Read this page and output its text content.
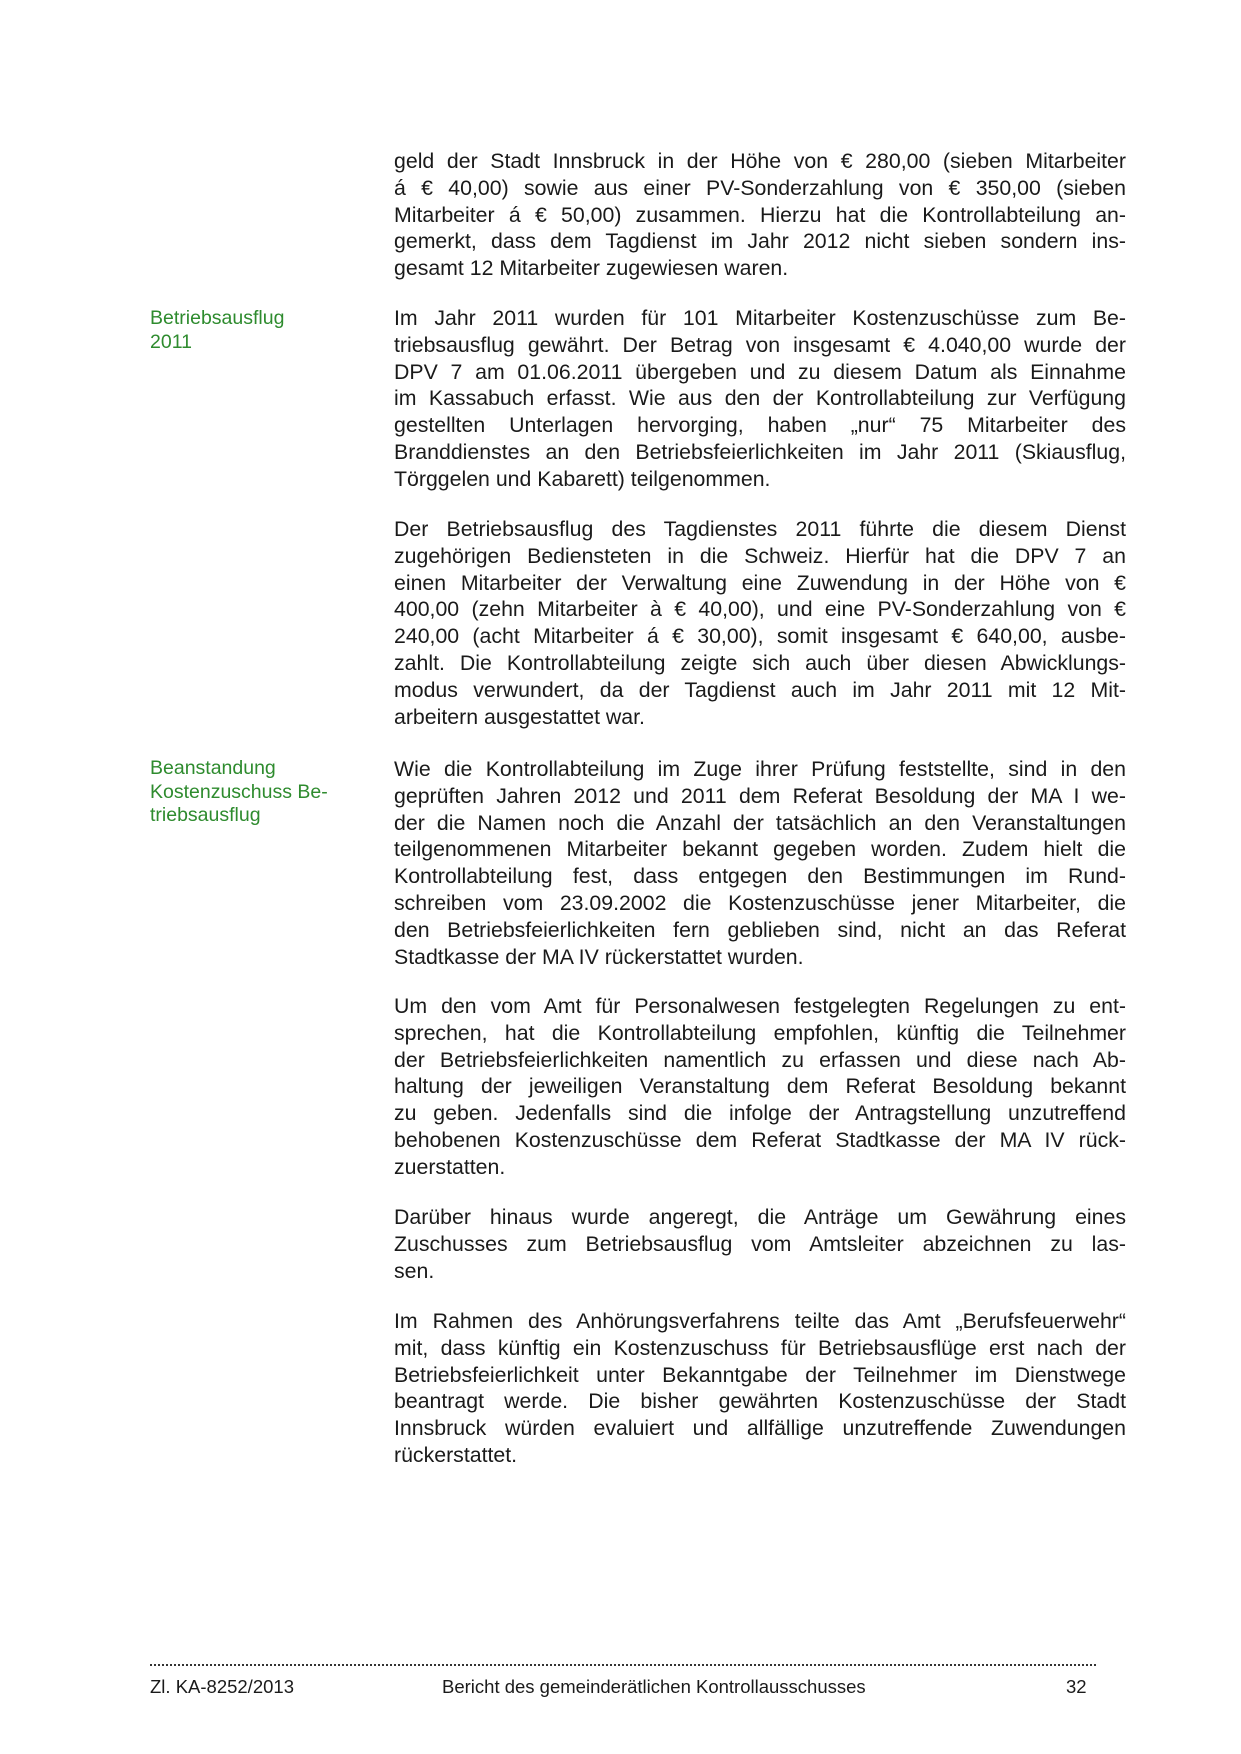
Betriebsausflug
2011
Beanstandung
Kostenzuschuss Be-
triebsausflug
geld der Stadt Innsbruck in der Höhe von € 280,00 (sieben Mitarbeiter
á € 40,00) sowie aus einer PV-Sonderzahlung von € 350,00 (sieben
Mitarbeiter á € 50,00) zusammen. Hierzu hat die Kontrollabteilung an-
gemerkt, dass dem Tagdienst im Jahr 2012 nicht sieben sondern ins-
gesamt 12 Mitarbeiter zugewiesen waren.
Im Jahr 2011 wurden für 101 Mitarbeiter Kostenzuschüsse zum Be-
triebsausflug gewährt. Der Betrag von insgesamt € 4.040,00 wurde der
DPV 7 am 01.06.2011 übergeben und zu diesem Datum als Einnahme
im Kassabuch erfasst. Wie aus den der Kontrollabteilung zur Verfügung
gestellten Unterlagen hervorging, haben „nur“ 75 Mitarbeiter des
Branddienstes an den Betriebsfeierlichkeiten im Jahr 2011 (Skiausflug,
Törggelen und Kabarett) teilgenommen.
Der Betriebsausflug des Tagdienstes 2011 führte die diesem Dienst
zugehörigen Bediensteten in die Schweiz. Hierfür hat die DPV 7 an
einen Mitarbeiter der Verwaltung eine Zuwendung in der Höhe von €
400,00 (zehn Mitarbeiter à € 40,00), und eine PV-Sonderzahlung von €
240,00 (acht Mitarbeiter á € 30,00), somit insgesamt € 640,00, ausbe-
zahlt. Die Kontrollabteilung zeigte sich auch über diesen Abwicklungs-
modus verwundert, da der Tagdienst auch im Jahr 2011 mit 12 Mit-
arbeitern ausgestattet war.
Wie die Kontrollabteilung im Zuge ihrer Prüfung feststellte, sind in den
geprüften Jahren 2012 und 2011 dem Referat Besoldung der MA I we-
der die Namen noch die Anzahl der tatsächlich an den Veranstaltungen
teilgenommenen Mitarbeiter bekannt gegeben worden. Zudem hielt die
Kontrollabteilung fest, dass entgegen den Bestimmungen im Rund-
schreiben vom 23.09.2002 die Kostenzuschüsse jener Mitarbeiter, die
den Betriebsfeierlichkeiten fern geblieben sind, nicht an das Referat
Stadtkasse der MA IV rückerstattet wurden.
Um den vom Amt für Personalwesen festgelegten Regelungen zu ent-
sprechen, hat die Kontrollabteilung empfohlen, künftig die Teilnehmer
der Betriebsfeierlichkeiten namentlich zu erfassen und diese nach Ab-
haltung der jeweiligen Veranstaltung dem Referat Besoldung bekannt
zu geben. Jedenfalls sind die infolge der Antragstellung unzutreffend
behobenen Kostenzuschüsse dem Referat Stadtkasse der MA IV rück-
zuerstatten.
Darüber hinaus wurde angeregt, die Anträge um Gewährung eines
Zuschusses zum Betriebsausflug vom Amtsleiter abzeichnen zu las-
sen.
Im Rahmen des Anhörungsverfahrens teilte das Amt „Berufsfeuerwehr“
mit, dass künftig ein Kostenzuschuss für Betriebsausflüge erst nach der
Betriebsfeierlichkeit unter Bekanntgabe der Teilnehmer im Dienstwege
beantragt werde. Die bisher gewährten Kostenzuschüsse der Stadt
Innsbruck würden evaluiert und allfällige unzutreffende Zuwendungen
rückerstattet.
Zl. KA-8252/2013	Bericht des gemeinderätlichen Kontrollausschusses	32
